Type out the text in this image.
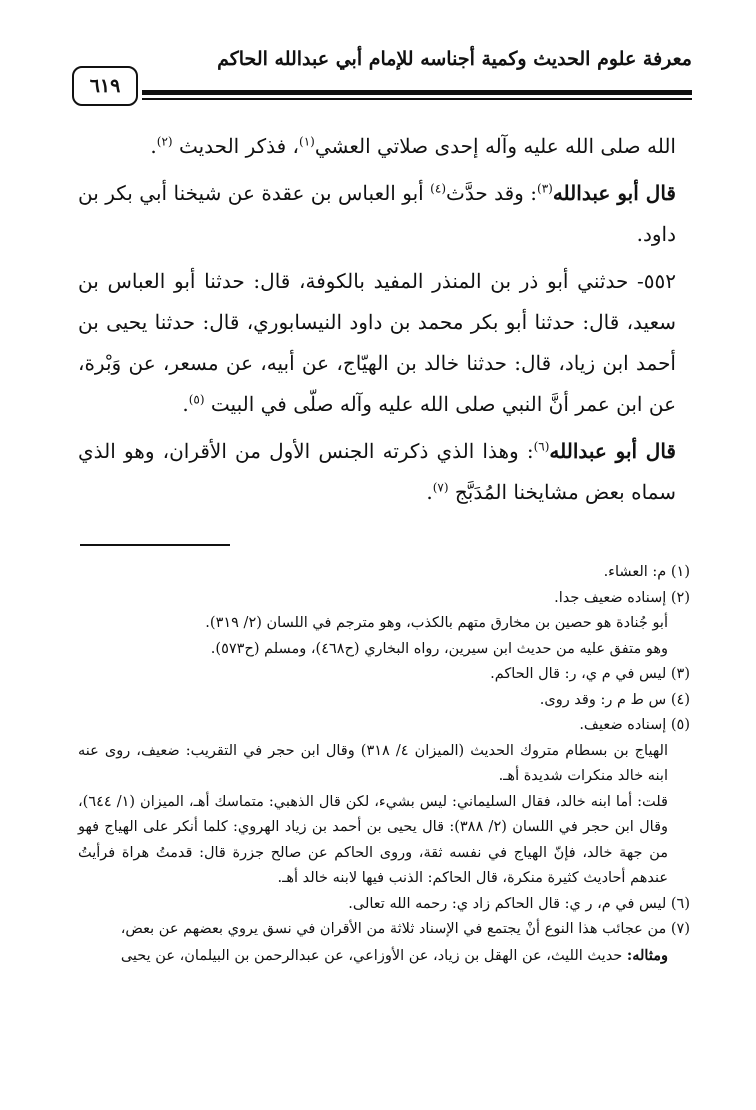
معرفة علوم الحديث وكمية أجناسه للإمام أبي عبدالله الحاكم
٦١٩

الله صلى الله عليه وآله إحدى صلاتي العشي$^{(١)}$، فذكر الحديث $^{(٢)}$.

قال أبو عبدالله$^{(٣)}$: وقد حدَّث$^{(٤)}$ أبو العباس بن عقدة عن شيخنا أبي بكر بن داود.

٥٥٢- حدثني أبو ذر بن المنذر المفيد بالكوفة، قال: حدثنا أبو العباس بن سعيد، قال: حدثنا أبو بكر محمد بن داود النيسابوري، قال: حدثنا يحيى بن أحمد ابن زياد، قال: حدثنا خالد بن الهيّاج، عن أبيه، عن مسعر، عن وَبْرة، عن ابن عمر أنَّ النبي صلى الله عليه وآله صلّى في البيت $^{(٥)}$.

قال أبو عبدالله$^{(٦)}$: وهذا الذي ذكرته الجنس الأول من الأقران، وهو الذي سماه بعض مشايخنا المُدَبَّج $^{(٧)}$.

(١) م: العشاء.

(٢) إسناده ضعيف جدا.

أبو جُنادة هو حصين بن مخارق متهم بالكذب، وهو مترجم في اللسان (٢/ ٣١٩).

وهو متفق عليه من حديث ابن سيرين، رواه البخاري (ح٤٦٨)، ومسلم (ح٥٧٣).

(٣) ليس في م ي، ر: قال الحاكم.

(٤) س ط م ر: وقد روى.

(٥) إسناده ضعيف.

الهياج بن بسطام متروك الحديث (الميزان ٤/ ٣١٨) وقال ابن حجر في التقريب: ضعيف، روى عنه ابنه خالد منكرات شديدة أهـ.

قلت: أما ابنه خالد، فقال السليماني: ليس بشيء، لكن قال الذهبي: متماسك أهـ، الميزان (١/ ٦٤٤)، وقال ابن حجر في اللسان (٢/ ٣٨٨): قال يحيى بن أحمد بن زياد الهروي: كلما أنكر على الهياج فهو من جهة خالد، فإنّ الهياج في نفسه ثقة، وروى الحاكم عن صالح جزرة قال: قدمتُ هراة فرأيتُ عندهم أحاديث كثيرة منكرة، قال الحاكم: الذنب فيها لابنه خالد أهـ.

(٦) ليس في م، ر ي: قال الحاكم زاد ي: رحمه الله تعالى.

(٧) من عجائب هذا النوع أنْ يجتمع في الإسناد ثلاثة من الأقران في نسق يروي بعضهم عن بعض،

ومثاله: حديث الليث، عن الهقل بن زياد، عن الأوزاعي، عن عبدالرحمن بن البيلمان، عن يحيى
